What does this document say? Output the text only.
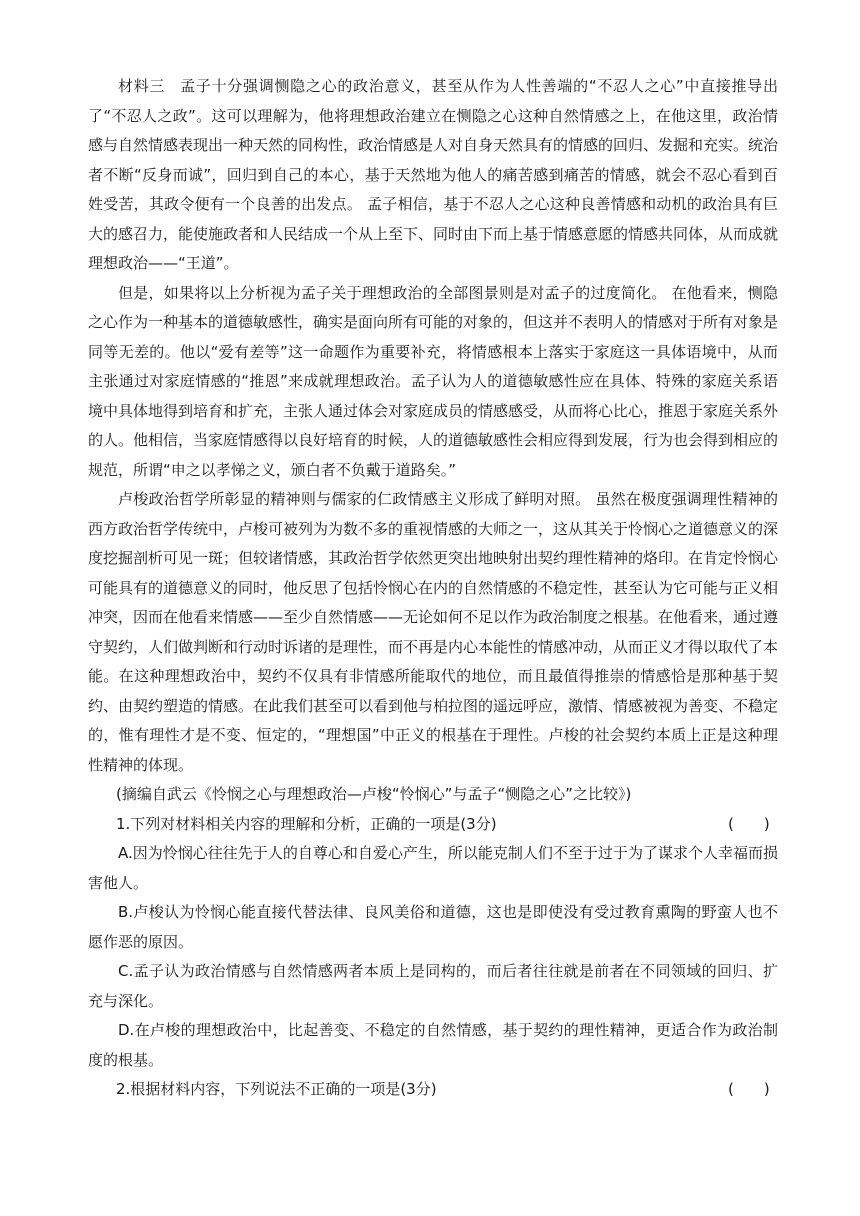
材料三 孟子十分强调恻隐之心的政治意义，甚至从作为人性善端的“不忍人之心”中直接推导出了“不忍人之政”。这可以理解为，他将理想政治建立在恻隐之心这种自然情感之上，在他这里，政治情感与自然情感表现出一种天然的同构性，政治情感是人对自身天然具有的情感的回归、发掘和充实。统治者不断“反身而诚”，回归到自己的本心，基于天然地为他人的痛苦感到痛苦的情感，就会不忍心看到百姓受苦，其政令便有一个良善的出发点。 孟子相信，基于不忍人之心这种良善情感和动机的政治具有巨大的感召力，能使施政者和人民结成一个从上至下、同时由下而上基于情感意愿的情感共同体，从而成就理想政治——“王道”。

但是，如果将以上分析视为孟子关于理想政治的全部图景则是对孟子的过度简化。 在他看来，恻隐之心作为一种基本的道德敏感性，确实是面向所有可能的对象的，但这并不表明人的情感对于所有对象是同等无差的。他以“爱有差等”这一命题作为重要补充，将情感根本上落实于家庭这一具体语境中，从而主张通过对家庭情感的“推恩”来成就理想政治。孟子认为人的道德敏感性应在具体、特殊的家庭关系语境中具体地得到培育和扩充，主张人通过体会对家庭成员的情感感受，从而将心比心，推恩于家庭关系外的人。他相信，当家庭情感得以良好培育的时候，人的道德敏感性会相应得到发展，行为也会得到相应的规范，所谓“申之以孝悌之义，颁白者不负戴于道路矣。”

卢梭政治哲学所彰显的精神则与儒家的仁政情感主义形成了鲜明对照。 虽然在极度强调理性精神的西方政治哲学传统中，卢梭可被列为为数不多的重视情感的大师之一，这从其关于怜悯心之道德意义的深度挖掘剖析可见一斑；但较诸情感，其政治哲学依然更突出地映射出契约理性精神的烙印。在肯定怜悯心可能具有的道德意义的同时，他反思了包括怜悯心在内的自然情感的不稳定性，甚至认为它可能与正义相冲突，因而在他看来情感——至少自然情感——无论如何不足以作为政治制度之根基。在他看来，通过遵守契约，人们做判断和行动时诉诸的是理性，而不再是内心本能性的情感冲动，从而正义才得以取代了本能。在这种理想政治中，契约不仅具有非情感所能取代的地位，而且最值得推崇的情感恰是那种基于契约、由契约塑造的情感。在此我们甚至可以看到他与柏拉图的遥远呼应，激情、情感被视为善变、不稳定的，惟有理性才是不变、恒定的，“理想国”中正义的根基在于理性。卢梭的社会契约本质上正是这种理性精神的体现。

(摘编自武云《怜悯之心与理想政治—卢梭“怜悯心”与孟子“恻隐之心”之比较》)

1.下列对材料相关内容的理解和分析，正确的一项是(3分)	(　　)

A.因为怜悯心往往先于人的自尊心和自爱心产生，所以能克制人们不至于过于为了谋求个人幸福而损害他人。

B.卢梭认为怜悯心能直接代替法律、良风美俗和道德，这也是即使没有受过教育熏陶的野蛮人也不愿作恶的原因。

C.孟子认为政治情感与自然情感两者本质上是同构的，而后者往往就是前者在不同领域的回归、扩充与深化。

D.在卢梭的理想政治中，比起善变、不稳定的自然情感，基于契约的理性精神，更适合作为政治制度的根基。

2.根据材料内容，下列说法不正确的一项是(3分)	(　　)
